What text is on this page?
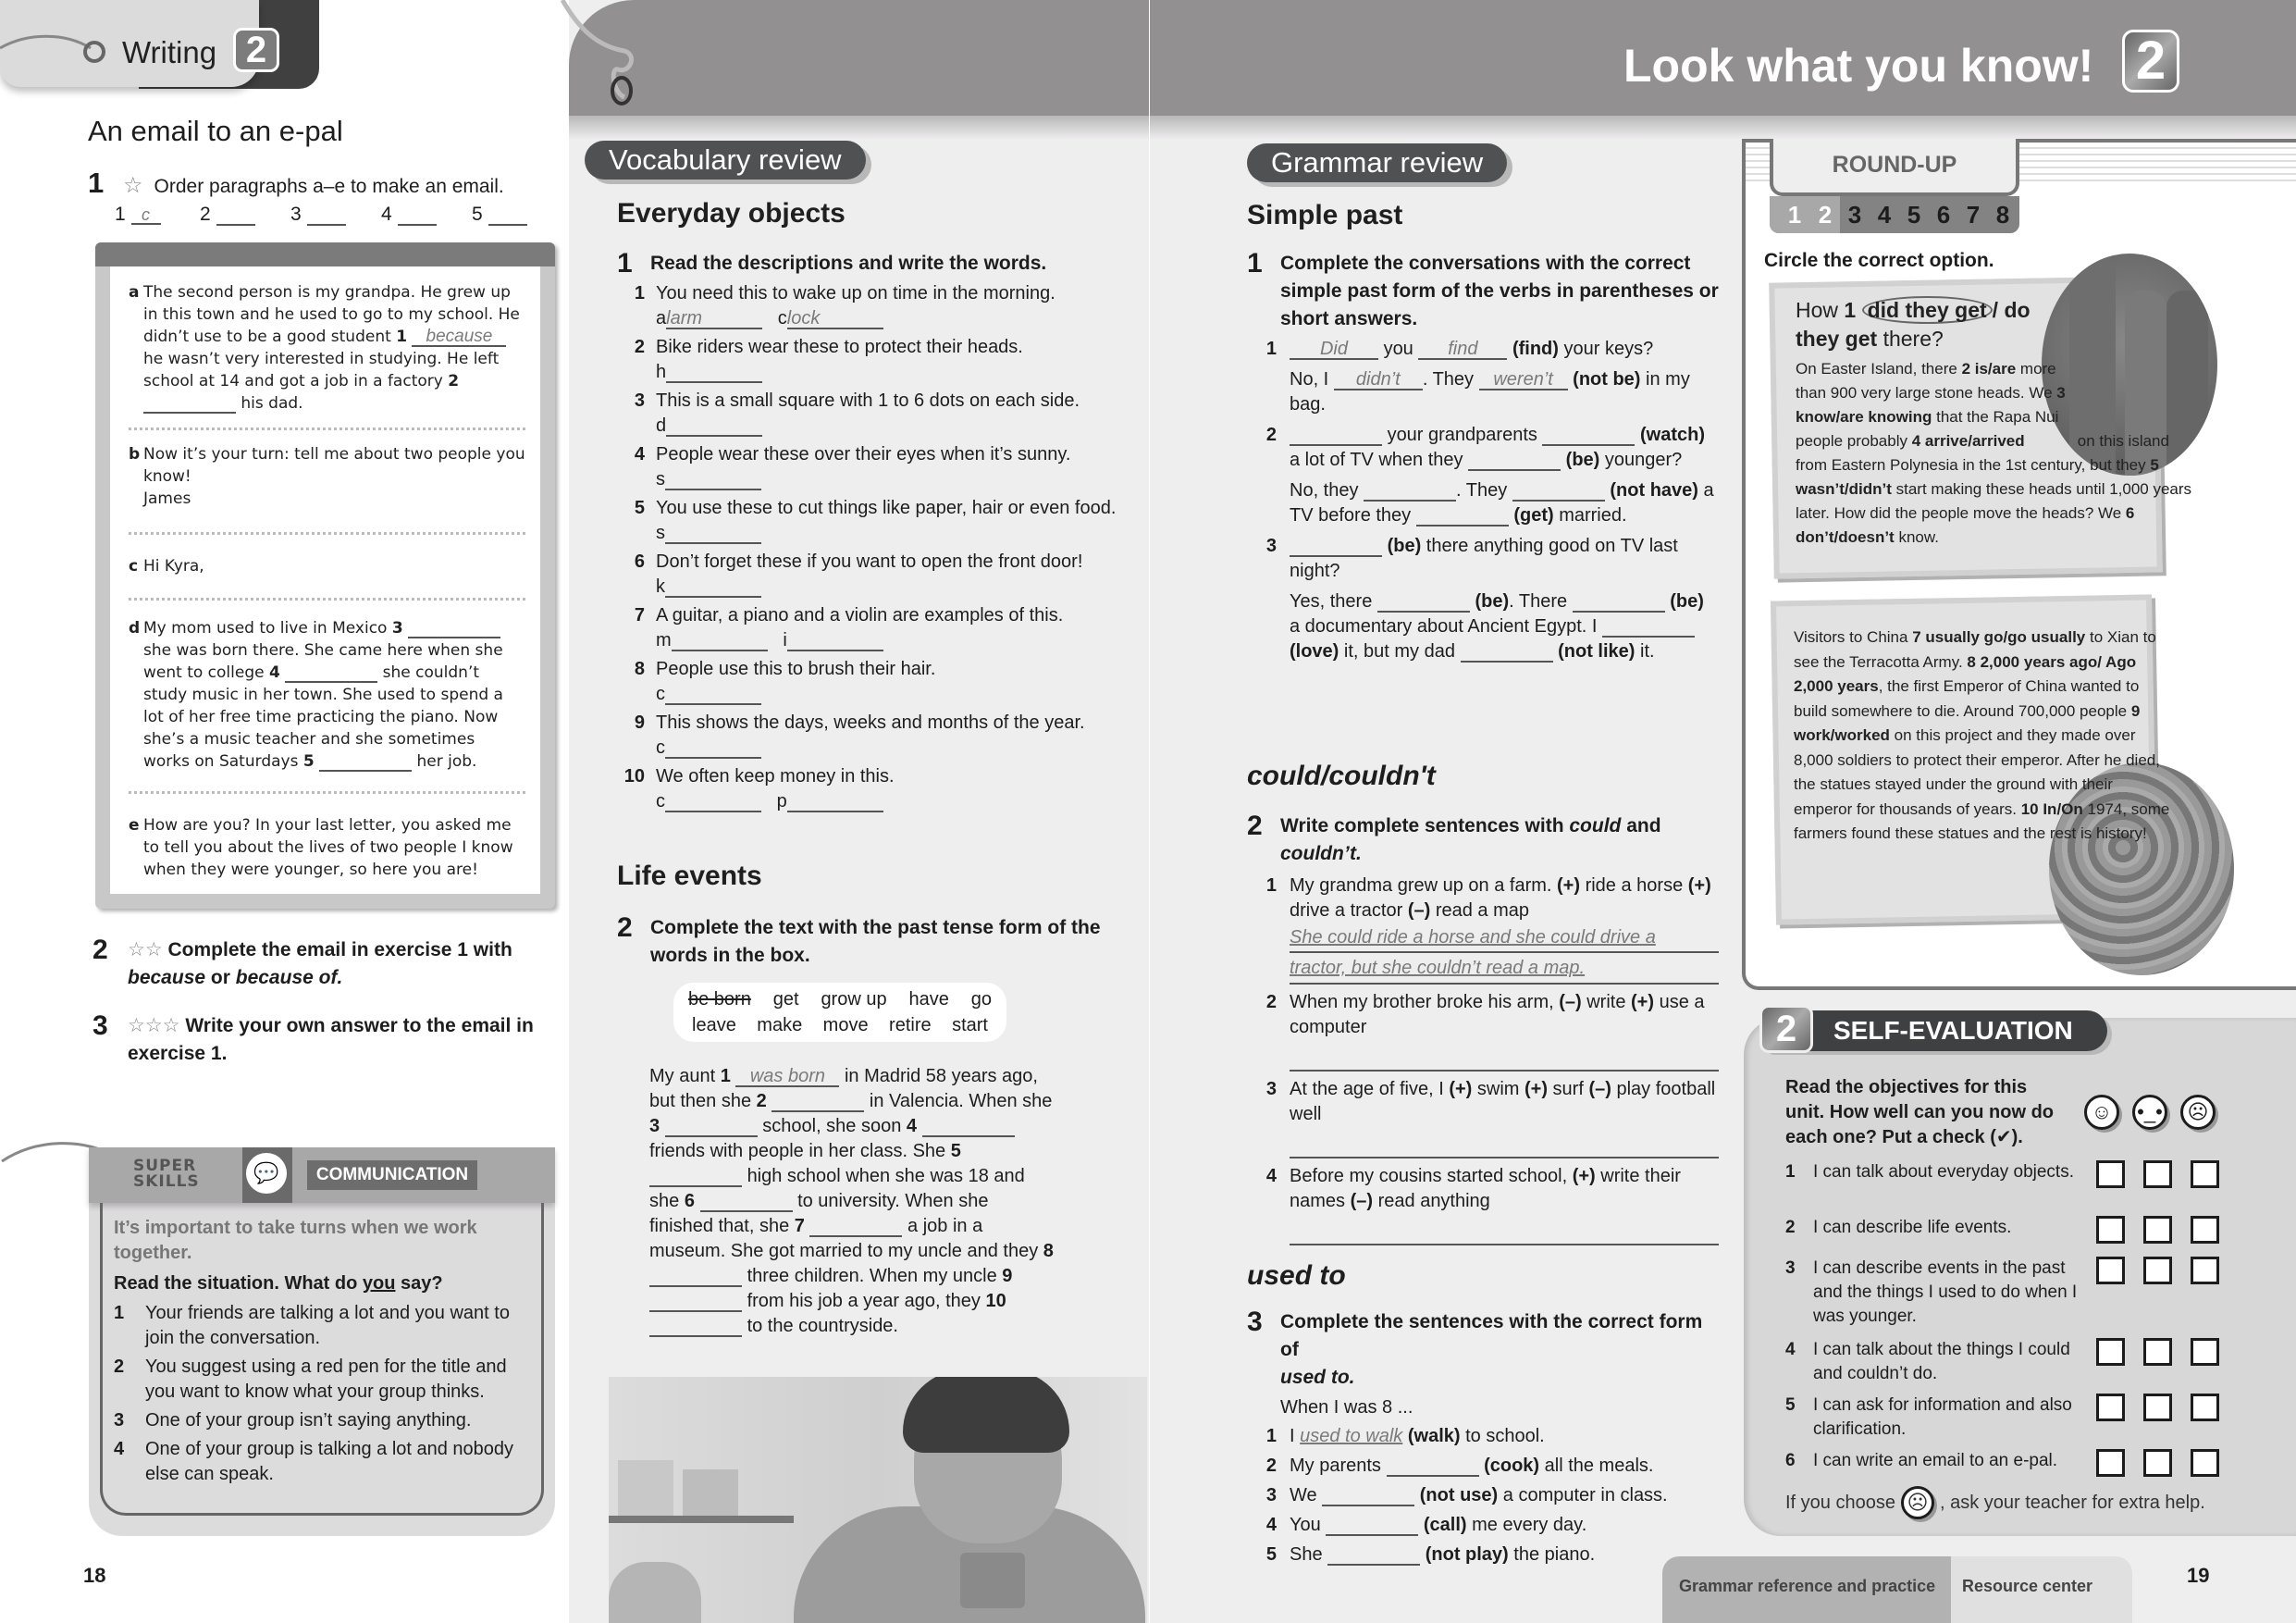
Writing 2
An email to an e-pal
1 ☆ Order paragraphs a–e to make an email.
1 c	2	3	4	5
a The second person is my grandpa. He grew up in this town and he used to go to my school. He didn’t use to be a good student 1 because he wasn’t very interested in studying. He left school at 14 and got a job in a factory 2   his dad.
b Now it’s your turn: tell me about two people you know!
James
c Hi Kyra,
d My mom used to live in Mexico 3   she was born there. She came here when she went to college 4	she couldn’t study music in her town. She used to spend a lot of her free time practicing the piano. Now she’s a music teacher and she sometimes works on Saturdays 5	her job.
e How are you? In your last letter, you asked me to tell you about the lives of two people I know when they were younger, so here you are!
2	☆☆ Complete the email in exercise 1 with
because or because of.
3	☆☆☆ Write your own answer to the email in exercise 1.
SUPER
SKILLS	💬	COMMUNICATION
It’s important to take turns when we work together.
Read the situation. What do you say?
1	Your friends are talking a lot and you want to join the conversation.
2	You suggest using a red pen for the title and you want to know what your group thinks.
3	One of your group isn’t saying anything.
4	One of your group is talking a lot and nobody else can speak.
18
Vocabulary review
Everyday objects
1 Read the descriptions and write the words.
1 You need this to wake up on time in the morning.
alarm	clock
2 Bike riders wear these to protect their heads.
h
3 This is a small square with 1 to 6 dots on each side.
d
4 People wear these over their eyes when it’s sunny.
s
5 You use these to cut things like paper, hair or even food.
s
6 Don’t forget these if you want to open the front door!
k
7 A guitar, a piano and a violin are examples of this.
m	i
8 People use this to brush their hair.
c
9 This shows the days, weeks and months of the year.
c
10 We often keep money in this.
c	p
Life events
2 Complete the text with the past tense form of the words in the box.
be born get grow up have go
leave make move retire start
My aunt 1 was born in Madrid 58 years ago, but then she 2	in Valencia. When she 3	school, she soon 4   friends with people in her class. She 5   high school when she was 18 and she 6	to university. When she finished that, she 7	a job in a museum. She got married to my uncle and they 8   three children. When my uncle 9   from his job a year ago, they 10   to the countryside.
Look what you know! 2
Grammar review
Simple past
1 Complete the conversations with the correct simple past form of the verbs in parentheses or short answers.
1	Did you find (find) your keys?
No, I didn’t . They weren’t (not be) in my bag.
2	your grandparents	(watch) a lot of TV when they	(be) younger?
No, they	. They	(not have) a TV before they	(get) married.
3	(be) there anything good on TV last night?
Yes, there	(be). There	(be) a documentary about Ancient Egypt. I   (love) it, but my dad	(not like) it.
could/couldn't
2 Write complete sentences with could and
couldn’t.
1 My grandma grew up on a farm. (+) ride a horse (+) drive a tractor (–) read a map
She could ride a horse and she could drive a
tractor, but she couldn’t read a map.
2 When my brother broke his arm, (–) write (+) use a computer
3 At the age of five, I (+) swim (+) surf (–) play football well
4 Before my cousins started school, (+) write their names (–) read anything
used to
3 Complete the sentences with the correct form of
used to.
When I was 8 ...
1 I used to walk (walk) to school.
2 My parents	(cook) all the meals.
3 We	(not use) a computer in class.
4 You	(call) me every day.
5 She	(not play) the piano.
ROUND-UP
1 2 3 4 5 6 7 8
Circle the correct option.
How 1 did they get / do they get there?
On Easter Island, there 2 is/are more than 900 very large stone heads. We 3 know/are knowing that the Rapa Nui people probably 4 arrive/arrived	on this island from Eastern Polynesia in the 1st century, but they 5 wasn’t/didn’t start making these heads until 1,000 years later. How did the people move the heads? We 6 don’t/doesn’t know.
Visitors to China 7 usually go/go usually to Xian to see the Terracotta Army. 8 2,000 years ago/ Ago 2,000 years, the first Emperor of China wanted to build somewhere to die. Around 700,000 people 9 work/worked on this project and they made over 8,000 soldiers to protect their emperor. After he died, the statues stayed under the ground with their emperor for thousands of years. 10 In/On 1974, some farmers found these statues and the rest is history!
2	SELF-EVALUATION
Read the objectives for this unit. How well can you now do each one? Put a check (✔).
☺	•_•	☹
1	I can talk about everyday objects.
2	I can describe life events.
3	I can describe events in the past and the things I used to do when I was younger.
4	I can talk about the things I could and couldn’t do.
5	I can ask for information and also clarification.
6	I can write an email to an e-pal.
If you choose ☹ , ask your teacher for extra help.
Grammar reference and practice	Resource center	19
